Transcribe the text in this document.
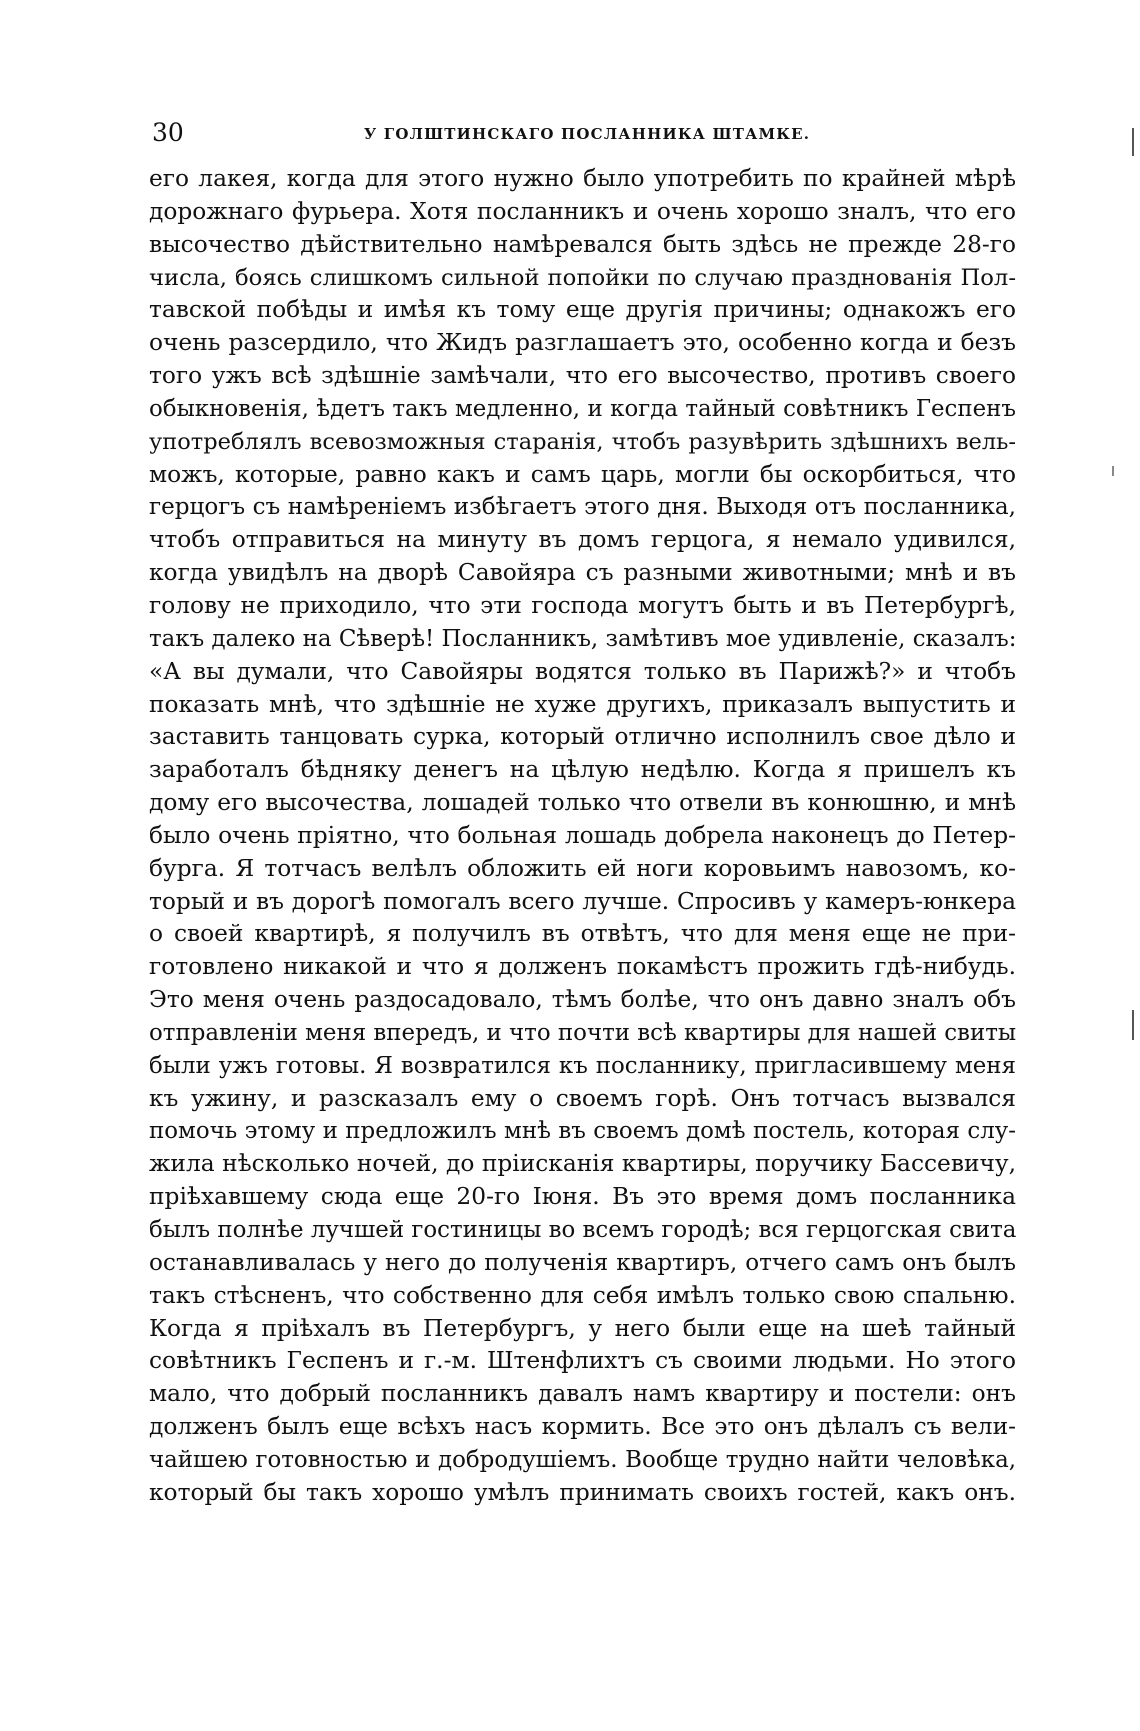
30	У ГОЛШТИНСКАГО ПОСЛАННИКА ШТАМКЕ.
его лакея, когда для этого нужно было употребить по крайней мѣрѣ
дорожнаго фурьера. Хотя посланникъ и очень хорошо зналъ, что его
высочество дѣйствительно намѣревался быть здѣсь не прежде 28-го
числа, боясь слишкомъ сильной попойки по случаю празднованія Пол-
тавской побѣды и имѣя къ тому еще другія причины; однакожъ его
очень разсердило, что Жидъ разглашаетъ это, особенно когда и безъ
того ужъ всѣ здѣшніе замѣчали, что его высочество, противъ своего
обыкновенія, ѣдетъ такъ медленно, и когда тайный совѣтникъ Геспенъ
употреблялъ всевозможныя старанія, чтобъ разувѣрить здѣшнихъ вель-
можъ, которые, равно какъ и самъ царь, могли бы оскорбиться, что
герцогъ съ намѣреніемъ избѣгаетъ этого дня. Выходя отъ посланника,
чтобъ отправиться на минуту въ домъ герцога, я немало удивился,
когда увидѣлъ на дворѣ Савойяра съ разными животными; мнѣ и въ
голову не приходило, что эти господа могутъ быть и въ Петербургѣ,
такъ далеко на Сѣверѣ! Посланникъ, замѣтивъ мое удивленіе, сказалъ:
«А вы думали, что Савойяры водятся только въ Парижѣ?» и чтобъ
показать мнѣ, что здѣшніе не хуже другихъ, приказалъ выпустить и
заставить танцовать сурка, который отлично исполнилъ свое дѣло и
заработалъ бѣдняку денегъ на цѣлую недѣлю. Когда я пришелъ къ
дому его высочества, лошадей только что отвели въ конюшню, и мнѣ
было очень пріятно, что больная лошадь добрела наконецъ до Петер-
бурга. Я тотчасъ велѣлъ обложить ей ноги коровьимъ навозомъ, ко-
торый и въ дорогѣ помогалъ всего лучше. Спросивъ у камеръ-юнкера
о своей квартирѣ, я получилъ въ отвѣтъ, что для меня еще не при-
готовлено никакой и что я долженъ покамѣстъ прожить гдѣ-нибудь.
Это меня очень раздосадовало, тѣмъ болѣе, что онъ давно зналъ объ
отправленіи меня впередъ, и что почти всѣ квартиры для нашей свиты
были ужъ готовы. Я возвратился къ посланнику, пригласившему меня
къ ужину, и разсказалъ ему о своемъ горѣ. Онъ тотчасъ вызвался
помочь этому и предложилъ мнѣ въ своемъ домѣ постель, которая слу-
жила нѣсколько ночей, до пріисканія квартиры, поручику Бассевичу,
пріѣхавшему сюда еще 20-го Іюня. Въ это время домъ посланника
былъ полнѣе лучшей гостиницы во всемъ городѣ; вся герцогская свита
останавливалась у него до полученія квартиръ, отчего самъ онъ былъ
такъ стѣсненъ, что собственно для себя имѣлъ только свою спальню.
Когда я пріѣхалъ въ Петербургъ, у него были еще на шеѣ тайный
совѣтникъ Геспенъ и г.-м. Штенфлихтъ съ своими людьми. Но этого
мало, что добрый посланникъ давалъ намъ квартиру и постели: онъ
долженъ былъ еще всѣхъ насъ кормить. Все это онъ дѣлалъ съ вели-
чайшею готовностью и добродушіемъ. Вообще трудно найти человѣка,
который бы такъ хорошо умѣлъ принимать своихъ гостей, какъ онъ.
